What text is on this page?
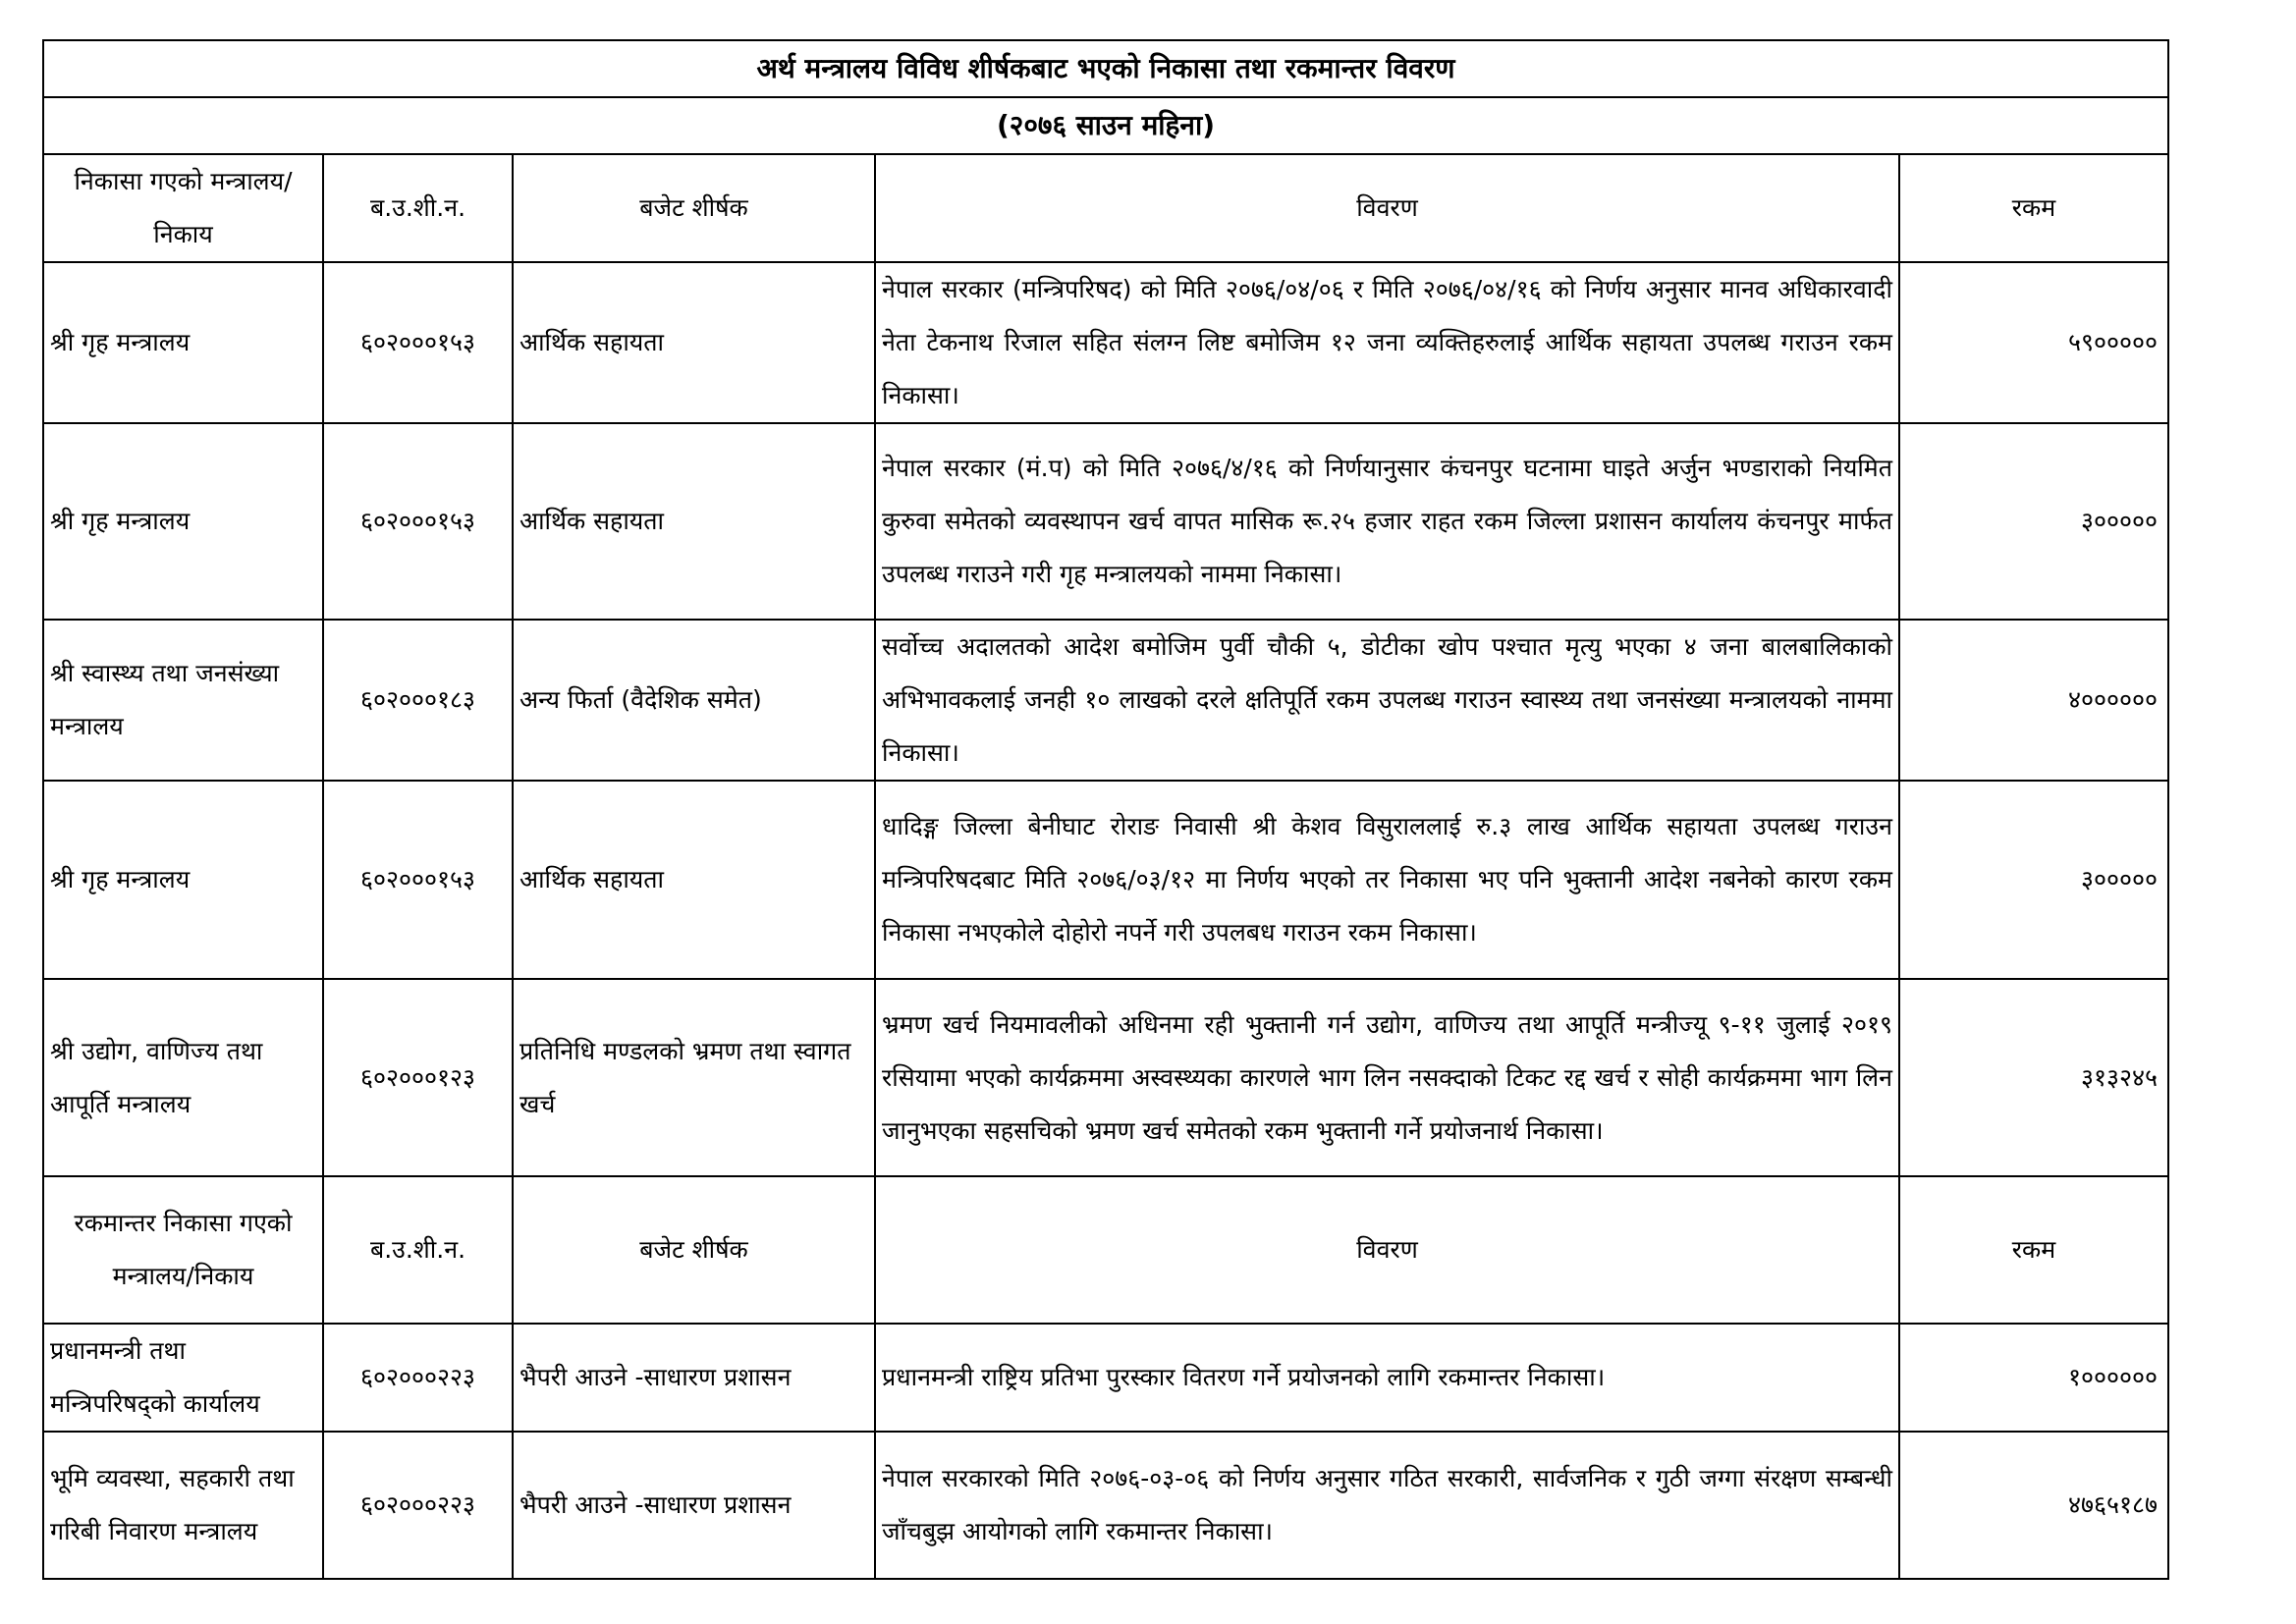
अर्थ मन्त्रालय विविध शीर्षकबाट भएको निकासा तथा रकमान्तर विवरण				
(२०७६ साउन महिना)				
निकासा गएको मन्त्रालय/निकाय	ब.उ.शी.न.	बजेट शीर्षक	विवरण	रकम
श्री गृह मन्त्रालय	६०२०००१५३	आर्थिक सहायता	नेपाल सरकार (मन्त्रिपरिषद) को मिति २०७६/०४/०६ र मिति २०७६/०४/१६ को निर्णय अनुसार मानव अधिकारवादी नेता टेकनाथ रिजाल सहित संलग्न लिष्ट बमोजिम १२ जना व्यक्तिहरुलाई आर्थिक सहायता उपलब्ध गराउन रकम निकासा।	५९०००००
श्री गृह मन्त्रालय	६०२०००१५३	आर्थिक सहायता	नेपाल सरकार (मं.प) को मिति २०७६/४/१६ को निर्णयानुसार कंचनपुर घटनामा घाइते अर्जुन भण्डाराको नियमित कुरुवा समेतको व्यवस्थापन खर्च वापत मासिक रू.२५ हजार राहत रकम जिल्ला प्रशासन कार्यालय कंचनपुर मार्फत उपलब्ध गराउने गरी गृह मन्त्रालयको नाममा निकासा।	३०००००
श्री स्वास्थ्य तथा जनसंख्या मन्त्रालय	६०२०००१८३	अन्य फिर्ता (वैदेशिक समेत)	सर्वोच्च अदालतको आदेश बमोजिम पुर्वी चौकी ५, डोटीका खोप पश्चात मृत्यु भएका ४ जना बालबालिकाको अभिभावकलाई जनही १० लाखको दरले क्षतिपूर्ति रकम उपलब्ध गराउन स्वास्थ्य तथा जनसंख्या मन्त्रालयको नाममा निकासा।	४००००००
श्री गृह मन्त्रालय	६०२०००१५३	आर्थिक सहायता	धादिङ्ग जिल्ला बेनीघाट रोराङ निवासी श्री केशव विसुराललाई रु.३ लाख आर्थिक सहायता उपलब्ध गराउन मन्त्रिपरिषदबाट मिति २०७६/०३/१२ मा निर्णय भएको तर निकासा भए पनि भुक्तानी आदेश नबनेको कारण रकम निकासा नभएकोले दोहोरो नपर्ने गरी उपलबध गराउन रकम निकासा।	३०००००
श्री उद्योग, वाणिज्य तथा आपूर्ति मन्त्रालय	६०२०००१२३	प्रतिनिधि मण्डलको भ्रमण तथा स्वागत खर्च	भ्रमण खर्च नियमावलीको अधिनमा रही भुक्तानी गर्न उद्योग, वाणिज्य तथा आपूर्ति मन्त्रीज्यू ९-११ जुलाई २०१९ रसियामा भएको कार्यक्रममा अस्वस्थ्यका कारणले भाग लिन नसक्दाको टिकट रद्द खर्च र सोही कार्यक्रममा भाग लिन जानुभएका सहसचिको भ्रमण खर्च समेतको रकम भुक्तानी गर्ने प्रयोजनार्थ निकासा।	३१३२४५
रकमान्तर निकासा गएको मन्त्रालय/निकाय	ब.उ.शी.न.	बजेट शीर्षक	विवरण	रकम
प्रधानमन्त्री तथा मन्त्रिपरिषद्को कार्यालय	६०२०००२२३	भैपरी आउने -साधारण प्रशासन	प्रधानमन्त्री राष्ट्रिय प्रतिभा पुरस्कार वितरण गर्ने प्रयोजनको लागि रकमान्तर निकासा।	१००००००
भूमि व्यवस्था, सहकारी तथा गरिबी निवारण मन्त्रालय	६०२०००२२३	भैपरी आउने -साधारण प्रशासन	नेपाल सरकारको मिति २०७६-०३-०६ को निर्णय अनुसार गठित सरकारी, सार्वजनिक र गुठी जग्गा संरक्षण सम्बन्धी जाँचबुझ आयोगको लागि रकमान्तर निकासा।	४७६५१८७
